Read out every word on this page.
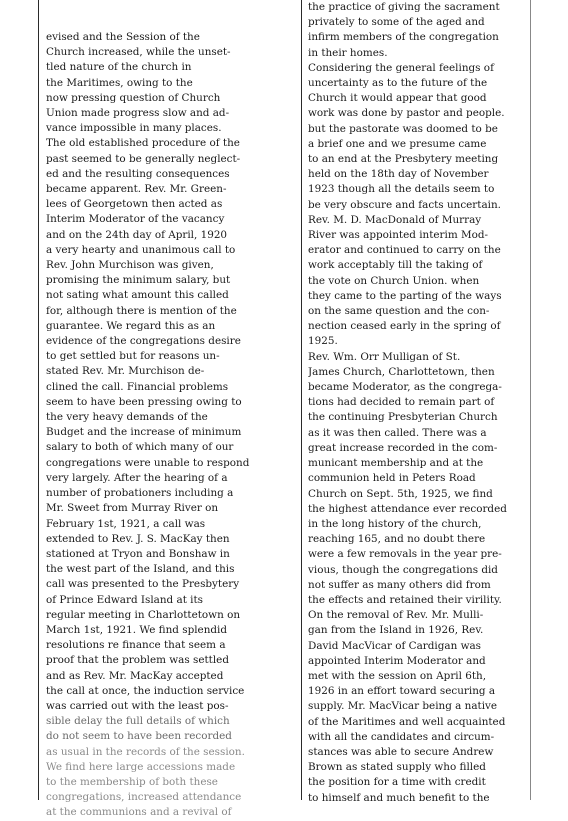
evised and the Session of the
Church increased, while the unset-
tled nature of the church in
the Maritimes, owing to the
now pressing question of Church
Union made progress slow and ad-
vance impossible in many places.
The old established procedure of the
past seemed to be generally neglect-
ed and the resulting consequences
became apparent. Rev. Mr. Green-
lees of Georgetown then acted as
Interim Moderator of the vacancy
and on the 24th day of April, 1920
a very hearty and unanimous call to
Rev. John Murchison was given,
promising the minimum salary, but
not sating what amount this called
for, although there is mention of the
guarantee. We regard this as an
evidence of the congregations desire
to get settled but for reasons un-
stated Rev. Mr. Murchison de-
clined the call. Financial problems
seem to have been pressing owing to
the very heavy demands of the
Budget and the increase of minimum
salary to both of which many of our
congregations were unable to respond
very largely. After the hearing of a
number of probationers including a
Mr. Sweet from Murray River on
February 1st, 1921, a call was
extended to Rev. J. S. MacKay then
stationed at Tryon and Bonshaw in
the west part of the Island, and this
call was presented to the Presbytery
of Prince Edward Island at its
regular meeting in Charlottetown on
March 1st, 1921. We find splendid
resolutions re finance that seem a
proof that the problem was settled
and as Rev. Mr. MacKay accepted
the call at once, the induction service
was carried out with the least pos-
sible delay the full details of which
do not seem to have been recorded
as usual in the records of the session.
We find here large accessions made
to the membership of both these
congregations, increased attendance
at the communions and a revival of

the practice of giving the sacrament
privately to some of the aged and
infirm members of the congregation
in their homes.
Considering the general feelings of
uncertainty as to the future of the
Church it would appear that good
work was done by pastor and people.
but the pastorate was doomed to be
a brief one and we presume came
to an end at the Presbytery meeting
held on the 18th day of November
1923 though all the details seem to
be very obscure and facts uncertain.
Rev. M. D. MacDonald of Murray
River was appointed interim Mod-
erator and continued to carry on the
work acceptably till the taking of
the vote on Church Union. when
they came to the parting of the ways
on the same question and the con-
nection ceased early in the spring of
1925.
Rev. Wm. Orr Mulligan of St.
James Church, Charlottetown, then
became Moderator, as the congrega-
tions had decided to remain part of
the continuing Presbyterian Church
as it was then called. There was a
great increase recorded in the com-
municant membership and at the
communion held in Peters Road
Church on Sept. 5th, 1925, we find
the highest attendance ever recorded
in the long history of the church,
reaching 165, and no doubt there
were a few removals in the year pre-
vious, though the congregations did
not suffer as many others did from
the effects and retained their virility.
On the removal of Rev. Mr. Mulli-
gan from the Island in 1926, Rev.
David MacVicar of Cardigan was
appointed Interim Moderator and
met with the session on April 6th,
1926 in an effort toward securing a
supply. Mr. MacVicar being a native
of the Maritimes and well acquainted
with all the candidates and circum-
stances was able to secure Andrew
Brown as stated supply who filled
the position for a time with credit
to himself and much benefit to the
